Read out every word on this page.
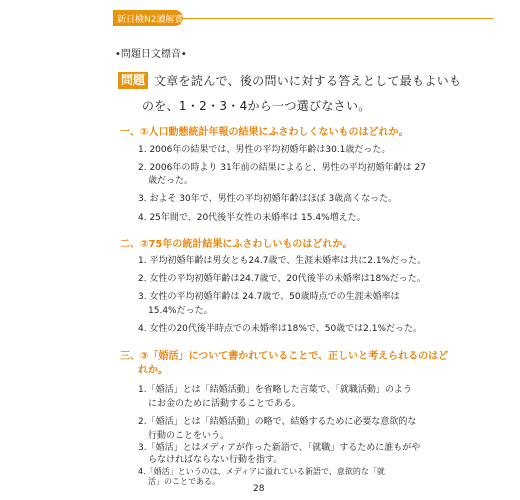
新日檢N2讀解實力UP！
•問題日文標音•
問題 文章を読んで、後の問いに対する答えとして最もよいも
のを、1・2・3・4から一つ選びなさい。
一、①人口動態統計年報の結果にふさわしくないものはどれか。
1. 2006年の結果では、男性の平均初婚年齢は30.1歳だった。
2. 2006年の時より 31年前の結果によると、男性の平均初婚年齢は 27
歳だった。
3. およそ 30年で、男性の平均初婚年齢はほぼ 3歳高くなった。
4. 25年間で、20代後半女性の未婚率は 15.4%増えた。
二、②75年の統計結果にふさわしいものはどれか。
1. 平均初婚年齢は男女とも24.7歳で、生涯未婚率は共に2.1%だった。
2. 女性の平均初婚年齢は24.7歳で、20代後半の未婚率は18%だった。
3. 女性の平均初婚年齢は 24.7歳で、50歳時点での生涯未婚率は
15.4%だった。
4. 女性の20代後半時点での未婚率は18%で、50歳では2.1%だった。
三、③「婚活」について書かれていることで、正しいと考えられるのはど
れか。
1.「婚活」とは「結婚活動」を省略した言葉で、「就職活動」のよう
にお金のために活動することである。
2.「婚活」とは「結婚活動」の略で、結婚するために必要な意欲的な
行動のことをいう。
3.「婚活」とはメディアが作った新語で、「就職」するために誰もがや
らなければならない行動を指す。
4.「婚活」というのは、メディアに溢れている新語で、意欲的な「就
活」のことである。
28
